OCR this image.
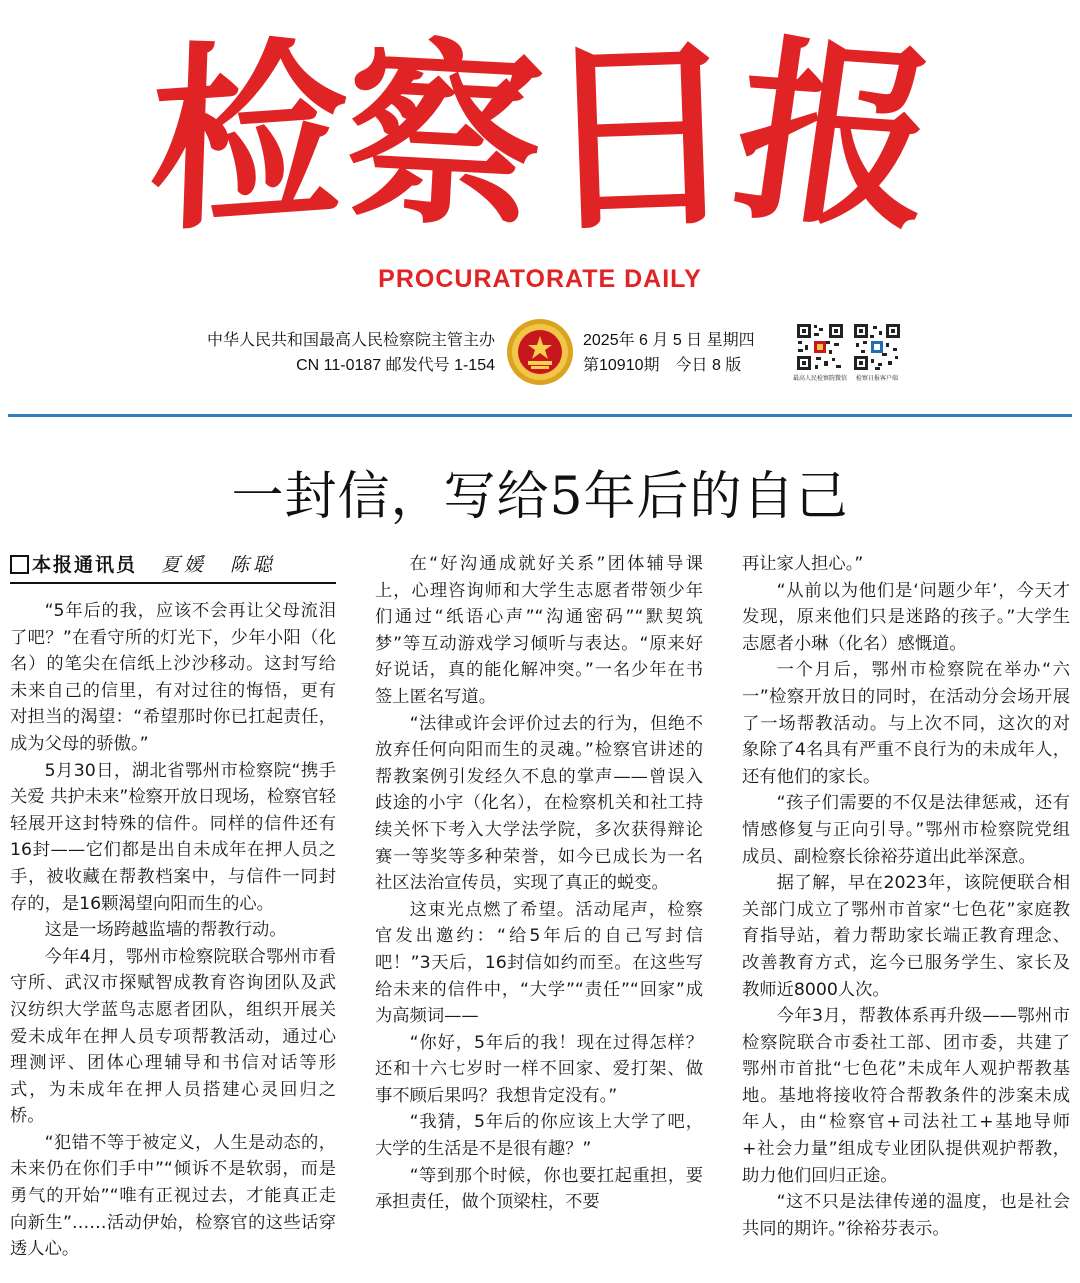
检
察
日
报
PROCURATORATE DAILY
中华人民共和国最高人民检察院主管主办
CN 11-0187 邮发代号 1-154
2025年 6 月 5 日 星期四
第10910期　今日 8 版
最高人民检察院微信	检察日报客户端
一封信，写给5年后的自己
本报通讯员 夏媛　陈聪

“5年后的我，应该不会再让父母流泪了吧？”在看守所的灯光下，少年小阳（化名）的笔尖在信纸上沙沙移动。这封写给未来自己的信里，有对过往的悔悟，更有对担当的渴望：“希望那时你已扛起责任，成为父母的骄傲。”

5月30日，湖北省鄂州市检察院“携手关爱 共护未来”检察开放日现场，检察官轻轻展开这封特殊的信件。同样的信件还有16封——它们都是出自未成年在押人员之手，被收藏在帮教档案中，与信件一同封存的，是16颗渴望向阳而生的心。

这是一场跨越监墙的帮教行动。

今年4月，鄂州市检察院联合鄂州市看守所、武汉市探赋智成教育咨询团队及武汉纺织大学蓝鸟志愿者团队，组织开展关爱未成年在押人员专项帮教活动，通过心理测评、团体心理辅导和书信对话等形式，为未成年在押人员搭建心灵回归之桥。

“犯错不等于被定义，人生是动态的，未来仍在你们手中”“倾诉不是软弱，而是勇气的开始”“唯有正视过去，才能真正走向新生”……活动伊始，检察官的这些话穿透人心。

在“好沟通成就好关系”团体辅导课上，心理咨询师和大学生志愿者带领少年们通过“纸语心声”“沟通密码”“默契筑梦”等互动游戏学习倾听与表达。“原来好好说话，真的能化解冲突。”一名少年在书签上匿名写道。

“法律或许会评价过去的行为，但绝不放弃任何向阳而生的灵魂。”检察官讲述的帮教案例引发经久不息的掌声——曾误入歧途的小宇（化名），在检察机关和社工持续关怀下考入大学法学院，多次获得辩论赛一等奖等多种荣誉，如今已成长为一名社区法治宣传员，实现了真正的蜕变。

这束光点燃了希望。活动尾声，检察官发出邀约：“给5年后的自己写封信吧！”3天后，16封信如约而至。在这些写给未来的信件中，“大学”“责任”“回家”成为高频词——

“你好，5年后的我！现在过得怎样？还和十六七岁时一样不回家、爱打架、做事不顾后果吗？我想肯定没有。”

“我猜，5年后的你应该上大学了吧，大学的生活是不是很有趣？”

“等到那个时候，你也要扛起重担，要承担责任，做个顶梁柱，不要

再让家人担心。”

“从前以为他们是‘问题少年’，今天才发现，原来他们只是迷路的孩子。”大学生志愿者小琳（化名）感慨道。

一个月后，鄂州市检察院在举办“六一”检察开放日的同时，在活动分会场开展了一场帮教活动。与上次不同，这次的对象除了4名具有严重不良行为的未成年人，还有他们的家长。

“孩子们需要的不仅是法律惩戒，还有情感修复与正向引导。”鄂州市检察院党组成员、副检察长徐裕芬道出此举深意。

据了解，早在2023年，该院便联合相关部门成立了鄂州市首家“七色花”家庭教育指导站，着力帮助家长端正教育理念、改善教育方式，迄今已服务学生、家长及教师近8000人次。

今年3月，帮教体系再升级——鄂州市检察院联合市委社工部、团市委，共建了鄂州市首批“七色花”未成年人观护帮教基地。基地将接收符合帮教条件的涉案未成年人，由“检察官+司法社工+基地导师+社会力量”组成专业团队提供观护帮教，助力他们回归正途。

“这不只是法律传递的温度，也是社会共同的期许。”徐裕芬表示。
